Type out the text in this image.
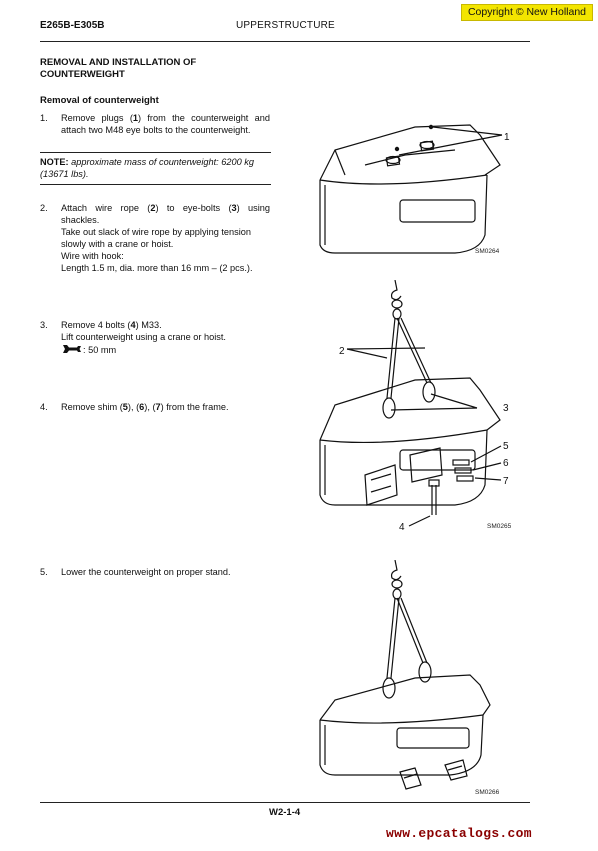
E265B-E305B	UPPERSTRUCTURE
Copyright © New Holland
REMOVAL AND INSTALLATION OF COUNTERWEIGHT
Removal of counterweight
1. Remove plugs (1) from the counterweight and attach two M48 eye bolts to the counterweight.
NOTE: approximate mass of counterweight: 6200 kg (13671 lbs).
2. Attach wire rope (2) to eye-bolts (3) using shackles.
Take out slack of wire rope by applying tension slowly with a crane or hoist.
Wire with hook:
Length 1.5 m, dia. more than 16 mm – (2 pcs.).
3. Remove 4 bolts (4) M33.
Lift counterweight using a crane or hoist.
: 50 mm
4. Remove shim (5), (6), (7) from the frame.
5. Lower the counterweight on proper stand.
1
SM0264
2
3
5
6
7
4	SM0265
SM0266
W2-1-4
www.epcatalogs.com
